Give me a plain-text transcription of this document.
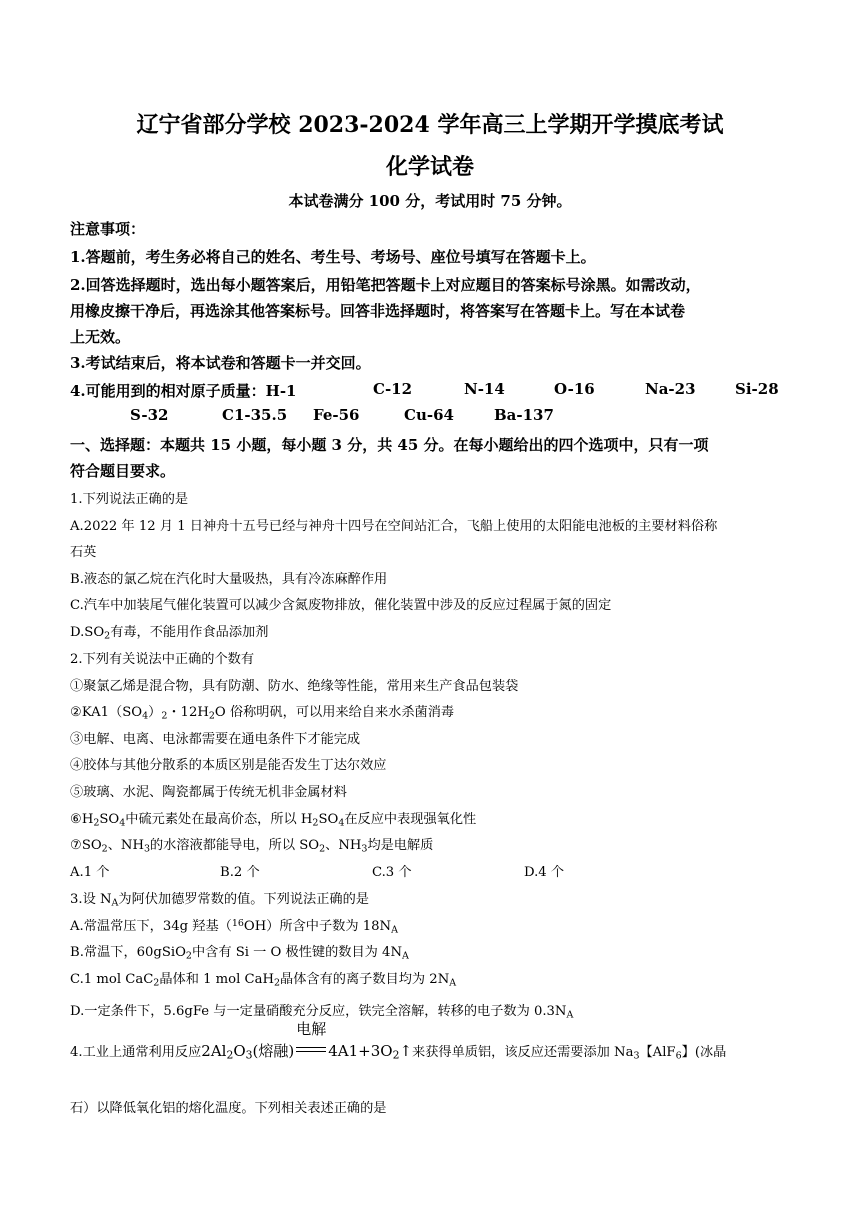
辽宁省部分学校 2023-2024 学年高三上学期开学摸底考试
化学试卷
本试卷满分 100 分，考试用时 75 分钟。
注意事项：
1.答题前，考生务必将自己的姓名、考生号、考场号、座位号填写在答题卡上。
2.回答选择题时，选出每小题答案后，用铅笔把答题卡上对应题目的答案标号涂黑。如需改动，
用橡皮擦干净后，再选涂其他答案标号。回答非选择题时，将答案写在答题卡上。写在本试卷
上无效。
3.考试结束后，将本试卷和答题卡一并交回。
4.可能用到的相对原子质量：H-1	C-12	N-14	O-16	Na-23	Si-28
S-32	C1-35.5 Fe-56	Cu-64	Ba-137
一、选择题：本题共 15 小题，每小题 3 分，共 45 分。在每小题给出的四个选项中，只有一项
符合题目要求。
1.下列说法正确的是
A.2022 年 12 月 1 日神舟十五号已经与神舟十四号在空间站汇合，飞船上使用的太阳能电池板的主要材料俗称
石英
B.液态的氯乙烷在汽化时大量吸热，具有冷冻麻醉作用
C.汽车中加装尾气催化装置可以减少含氮废物排放，催化装置中涉及的反应过程属于氮的固定
$D.SO_2$有毒，不能用作食品添加剂
2.下列有关说法中正确的个数有
①聚氯乙烯是混合物，具有防潮、防水、绝缘等性能，常用来生产食品包装袋
$②KA1(SO_4)_2$・$12H_2O$ 俗称明矾，可以用来给自来水杀菌消毒
③电解、电离、电泳都需要在通电条件下才能完成
④胶体与其他分散系的本质区别是能否发生丁达尔效应
⑤玻璃、水泥、陶瓷都属于传统无机非金属材料
$⑥H_2SO_4$中硫元素处在最高价态，所以 $H_2SO_4$在反应中表现强氧化性
$⑦SO_2$、$NH_3$的水溶液都能导电，所以 $SO_2$、$NH_3$均是电解质
A.1 个	B.2 个	C.3 个	D.4 个
3.设 $N_A$为阿伏加德罗常数的值。下列说法正确的是
A.常温常压下，34g 羟基（$^{16}$OH）所含中子数为 $18N_A$
B.常温下，60gSiO$_2$中含有 Si 一 O 极性键的数目为 $4N_A$
C.1 mol CaC$_2$晶体和 1 mol CaH$_2$晶体含有的离子数目均为 $2N_A$
D.一定条件下，5.6gFe 与一定量硝酸充分反应，铁完全溶解，转移的电子数为 $0.3N_A$
4.工业上通常利用反应$2Al_2O_3$(熔融)
电解
$4A1+3O_2↑$来获得单质铝，该反应还需要添加 $Na_3$【AlF$_6$】(冰晶
石）以降低氧化铝的熔化温度。下列相关表述正确的是
